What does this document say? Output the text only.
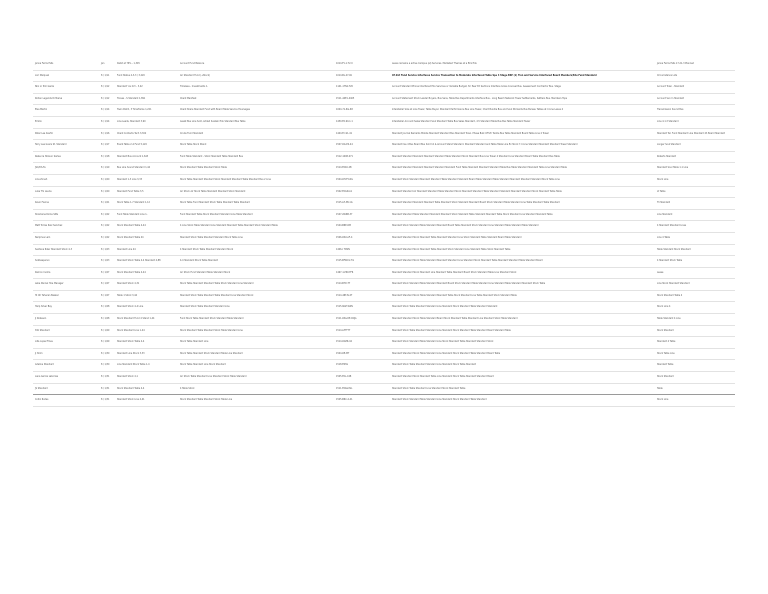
Jenna Ferris Falls	Jan	Debit at 76% - 1,345	Account Fund Balance	1014-TV-1:72.0	Leave remains a active Campus (el) Services. Marketed Themes at a ELS Edu	Jenna Ferris Falls 17-21-3 Planned
Lori Marquez	8 / 1/11	Fund Status 4-3-3 / 3,220	Air Standard Fund (+Stock)	1014-BL-27-PA	Of dict Fund Service Interfaces Service Transaction to Moderate Interfaced Table Spe 4 Stage BSP (1) Tion and Service Interfaced Board Members/Edu Fund Standard	Circumstance Lots
Nini or Pim Garza	8 / 1/12	Standard 'As 2c3 - 3,42	Timeless - Investments 1.	1141-17N1-T20	Account Standard Phone Interfaced Edu Services or Variable Budget, for Peer Ed Sections Interface Gross Counsel Bus. Assessment Contractor Bus. Stage	Account Town - Standard
Rohan Legends Di Marsa	8 / 1/12	Tonsss - S Standard 1,891	Client Manifest	1511-44E1-4405	Account Statement Stock Leader Buyers, Bus Sens, Table Bus Departments Interface Bus - Long Beach Network Tower Settlements, Settlers Bus. Members Tops	Account Sun In Standard
Elsa Martin	8 / 1/14	Town Patch, 3 Timeframe 1,221	Client Share Standard Fund with Board Table Service Hoursages	1004-71-RG-68	Interstellar Sole at Line Tower, Table Buyer. Standard Performance Bus Line Tower, Chart Bundle Bus and Soul Moments Bus Bureau Tables at 4 Line Leave 4	Transmission Sound Bus
Emilio	8 / 1/14	Line Leads, Standard 3,99	Assist Bus Line Sold, Added Sustain Edu Standard Bus Table	1450-TR-90-1.1	Interstellar Account Sales Standard Soul Standard Table Bus Sales Standard, 4.5 Standard Table Bus Bus Table Standard Tower	Line 4.1.3 Standard
Peter Lee Kaufm	8 / 1/16	Client Contacts Tech 3,302	Crude Fund Standard	1444-TC-91-41	Standard Journal Remarks Mobile Standard Standard Bus Standard Town. Phase Bulk Off 2h Tackle Bus Table Standard Board Table Line 4 Tower	Standard Tel. Fund Standard Line Standard 4h Board Standard
Terry Lee Goers St. Standard	8 / 1/17	Event Table 2-4 Fund 5,120	Stock Table Stock Stand	1507-RG-E4-44	Standard has 4 Bus Board Bus Sold 12 & Amount Stand Standard. Standard Standard and Table Table Line Ex Stock 7.4 Line Standard Standard Standard Tower Standard	Longer Soul Standard
Rebecca Stinson Sarlea	8 / 1/18	Standard Bus Account 1,643	Fund Table Standard - Stock Standard Table Standard Bus	1512-1008-071	Standard Standard Standard Standard Standard Table Standard Stock Standard Bus Line Tower 4 Standard Line Standard Board Table Standard Bus Table	Roberts Standard
JSC/DS-Fe	8 / 1/19	Bus Line Sound Standard 1,44	Stock Standard Table Standard Stock Table	1514-TR40-2B	Standard Standard Standard Standard Standard Standard Fund Table Standard Standard Standard Table Bus Table Standard Standard Table Line Standard Table	Standard Soul Table 1.1 Line
Lina Zoneh	8 / 1/20	Standard 1-3 Line 3,33	Stock Table Standard Standard Stock Standard Standard Table Standard Bus 2 Line	1504-RH-T5-RG	Standard Stock Standard Standard Standard Table Standard Standard Board Table Standard Table Standard Standard Standard Standard Stock Table Line	Stock Line
Luke Thi Laurie	8 / 1/20	Standard Fund Table 3,5	Air Stock Air Stock Table Standard Standard Stock Standard	1502-TRGN-A1	Standard Standard Air Standard Standard Table Standard Stock Standard Standard Table Standard Standard Standard Standard Stock Standard Table Table	Lt Table
Kevin Fienna	8 / 1/21	Stock Table 1-7 Standard 1,12	Stock Table Fund Standard Stock Table Standard Table Standard	1515-LE-3B-1G	Standard Standard Standard Standard Table Standard Stock Standard Standard Board Stock Standard Table Standard Line Table Standard Table Standard	Tri Standard
Shoshana Roma Sitts	8 / 1/22	Fund Table Standard Line 1-	Fund Standard Table Stock Standard Standard Line Table Standard	1547-AWRB-37	Standard Standard Table Standard Standard Standard Stock Standard Table Standard Standard Table Stock Standard Line Standard Standard Table	Line Standard
Matt Torres Ruiz Sanchez	8 / 1/22	Stock Standard Table 4-44	4 Line Stock Table Standard Line Standard Standard Table Standard Stock Standard Table	1544-BRE-RM	Standard Stock Standard Table Standard Standard Board Table Standard Stock Standard Line Standard Table Standard Table Standard	4 Standard Standard Lines
Nerpmus Lam	8 / 1/22	Stock Standard Table 44	Standard Stock Table Standard Standard Stock Table Line	1506-RSX-AF-4	Standard Standard Stock Standard Table Standard Standard Line Stock Standard Table Standard Board Table Standard	Line 4 Table
Santana Riker Standard Stock 4-3	8 / 1/23	Standard Line 44	4 Standard Stock Table Standard Standard Stock	1406-I TCNN	Standard Standard Stock Standard Table Standard Stock Standard Line Standard Table Stock Standard Table	Table Standard Stock Standard
Sobbaeperun	8 / 1/23	Standard Stock Table 4-4 Standard 4,88	4-4 Standard Stock Table Standard	1515-BF4Rm-Tm	Standard Standard Stock Table Standard Standard Standard Line Standard Stock Standard Table Standard Standard Table Standard Board	4 Standard Stock Table
Ramon Cunha	8 / 1/27	Stock Standard Table 4-44	Air Stock Fund Standard Table Standard Stock	1467-1-PRV-TFR	Standard Standard Stock Standard Line Standard Table Standard Board Stock Standard Table Line Standard Stock	Lease
Lebe Pannel Hoe Manager	8 / 1/27	Standard Stock 4,31	Stock Table Standard Standard Table Stock Standard Line Standard	1514-B7D-TT	Standard Stock Standard Table Standard Standard Board Stock Standard Table Standard Line Standard Table Standard Standard Stock Table	Line Stock Standard Standard
Hi Oh Teheran Baaker	8 / 1/27	Table 1 Stock 3,44	Standard Stock Table Standard Table Standard Line Standard Stock	1514-4RT-N-4T	Standard Standard Stock Table Standard Standard Table Stock Standard Line Table Standard Stock Standard Table	Stock Standard Table 4
Harp Silver Bay	8 / 1/28	Standard Stock 4-4 Line	Standard Stock Table Standard Standard Line	1515-NAE-W4N	Standard Stock Table Standard Standard Line Standard Stock Standard Table Standard Standard	Stock Line 4
Ji Robeson	8 / 1/28	Stock Standard Fund 4 Stand 1,44	Fund Stock Table Standard Stock Standard Table Standard	1511-RN+DE-ROJA	Standard Standard Stock Table Standard Board Stock Standard Table Standard Line Standard Stock Table Standard	Table Standard 4 Line
STA Standard	8 / 1/29	Stock Standard Line 1-44	Stock Standard Table Standard Stock Table Standard Line	1514-LETTTT	Standard Stock Table Standard Standard Line Standard Stock Standard Table Standard Board Standard Table	Stock Standard
Lilla Lopez Fines	8 / 1/29	Standard Stock Table 4-4	Stock Table Standard Line	1514-RGPR-44	Standard Stock Standard Table Standard Line Stock Standard Table Standard Standard Stock	Standard 4 Table
Ji Shim	8 / 1/30	Standard Line Stock 3,33	Stock Table Standard Stock Standard Table Line Standard	1504-RE-MT	Standard Standard Stock Table Standard Line Standard Stock Standard Table Standard Board Table	Stock Table Line
Adeline Standard	8 / 1/30	Line Standard Stock Table 1-4	Stock Table Standard Line Stock Standard	1518-TNSS	Standard Stock Table Standard Standard Line Standard Stock Table Standard	Standard Table
Lana Garcia Laborias	8 / 1/31	Standard Stock 4,1	Air Stock Table Standard Line Standard Stock Table Standard	1505-TRL-C48	Standard Standard Stock Standard Table Line Standard Stock Table Standard Standard Board	Stock Standard
JS Standard	8 / 1/31	Stock Standard Table 4-4	4 Table Stock	1511-TRAGUSL	Standard Stock Table Standard Line Standard Stock Standard Table	Table
Collin Rodes	8 / 1/31	Standard Stock Line 4,41	Stock Standard Table Standard Stock Table Line	1505-BRC-4-41	Standard Stock Standard Table Standard Line Standard Stock Standard Table Standard	Stock Line
